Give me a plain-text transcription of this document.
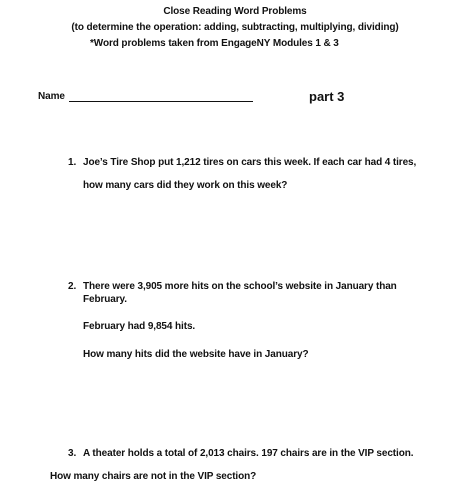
Close Reading Word Problems
(to determine the operation: adding, subtracting, multiplying, dividing)
*Word problems taken from EngageNY Modules 1 & 3
Name	part 3
1. Joe’s Tire Shop put 1,212 tires on cars this week. If each car had 4 tires,
how many cars did they work on this week?
2. There were 3,905 more hits on the school’s website in January than
February.
February had 9,854 hits.
How many hits did the website have in January?
3. A theater holds a total of 2,013 chairs. 197 chairs are in the VIP section.
How many chairs are not in the VIP section?
